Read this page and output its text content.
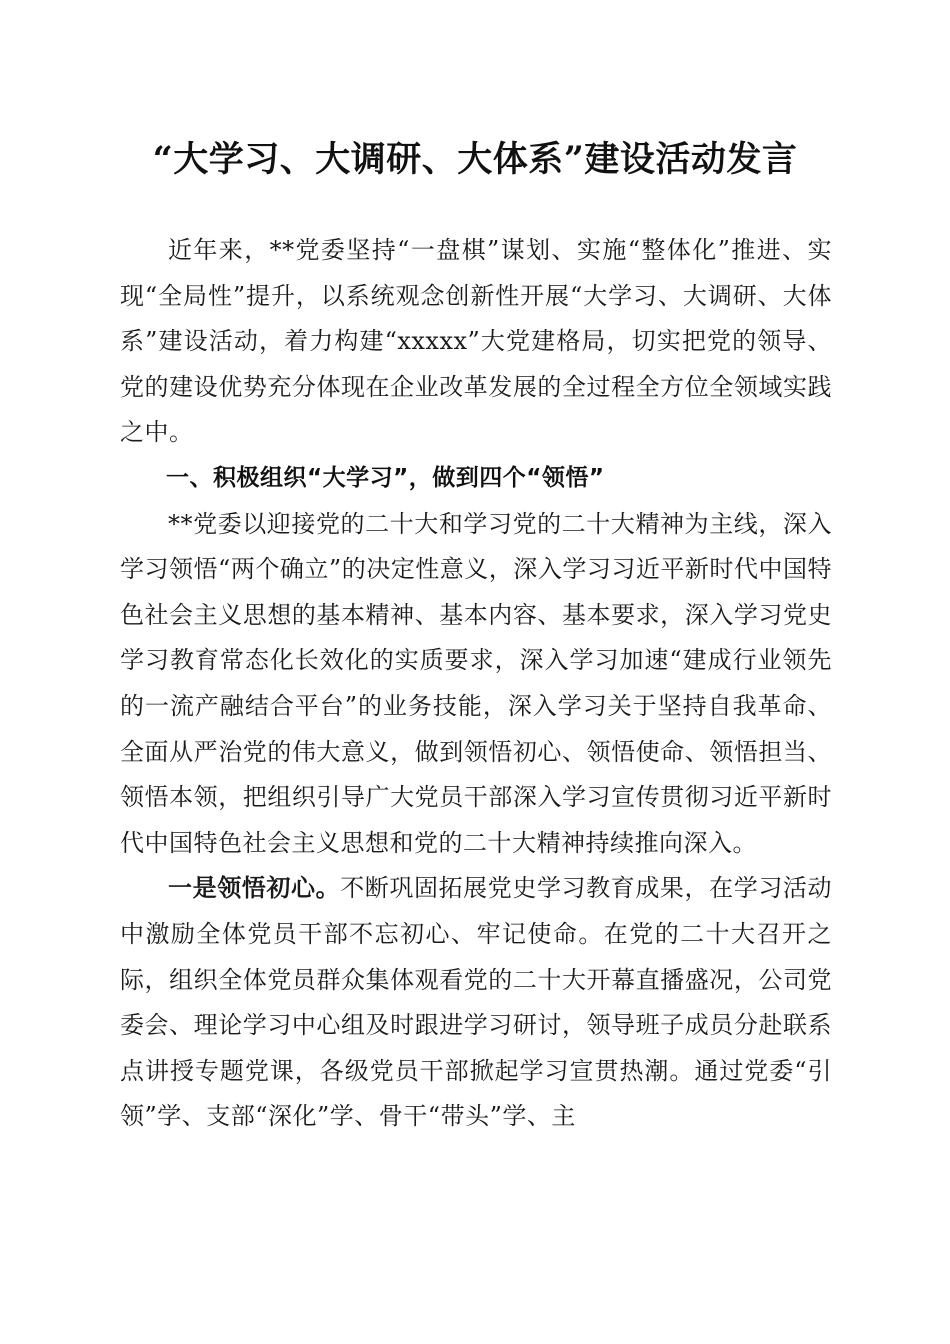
“大学习、大调研、大体系”建设活动发言

近年来，**党委坚持“一盘棋”谋划、实施“整体化”推进、实现“全局性”提升，以系统观念创新性开展“大学习、大调研、大体系”建设活动，着力构建“xxxxx”大党建格局，切实把党的领导、党的建设优势充分体现在企业改革发展的全过程全方位全领域实践之中。

一、积极组织“大学习”，做到四个“领悟”

**党委以迎接党的二十大和学习党的二十大精神为主线，深入学习领悟“两个确立”的决定性意义，深入学习习近平新时代中国特色社会主义思想的基本精神、基本内容、基本要求，深入学习党史学习教育常态化长效化的实质要求，深入学习加速“建成行业领先的一流产融结合平台”的业务技能，深入学习关于坚持自我革命、全面从严治党的伟大意义，做到领悟初心、领悟使命、领悟担当、领悟本领，把组织引导广大党员干部深入学习宣传贯彻习近平新时代中国特色社会主义思想和党的二十大精神持续推向深入。

一是领悟初心。不断巩固拓展党史学习教育成果，在学习活动中激励全体党员干部不忘初心、牢记使命。在党的二十大召开之际，组织全体党员群众集体观看党的二十大开幕直播盛况，公司党委会、理论学习中心组及时跟进学习研讨，领导班子成员分赴联系点讲授专题党课，各级党员干部掀起学习宣贯热潮。通过党委“引领”学、支部“深化”学、骨干“带头”学、主
